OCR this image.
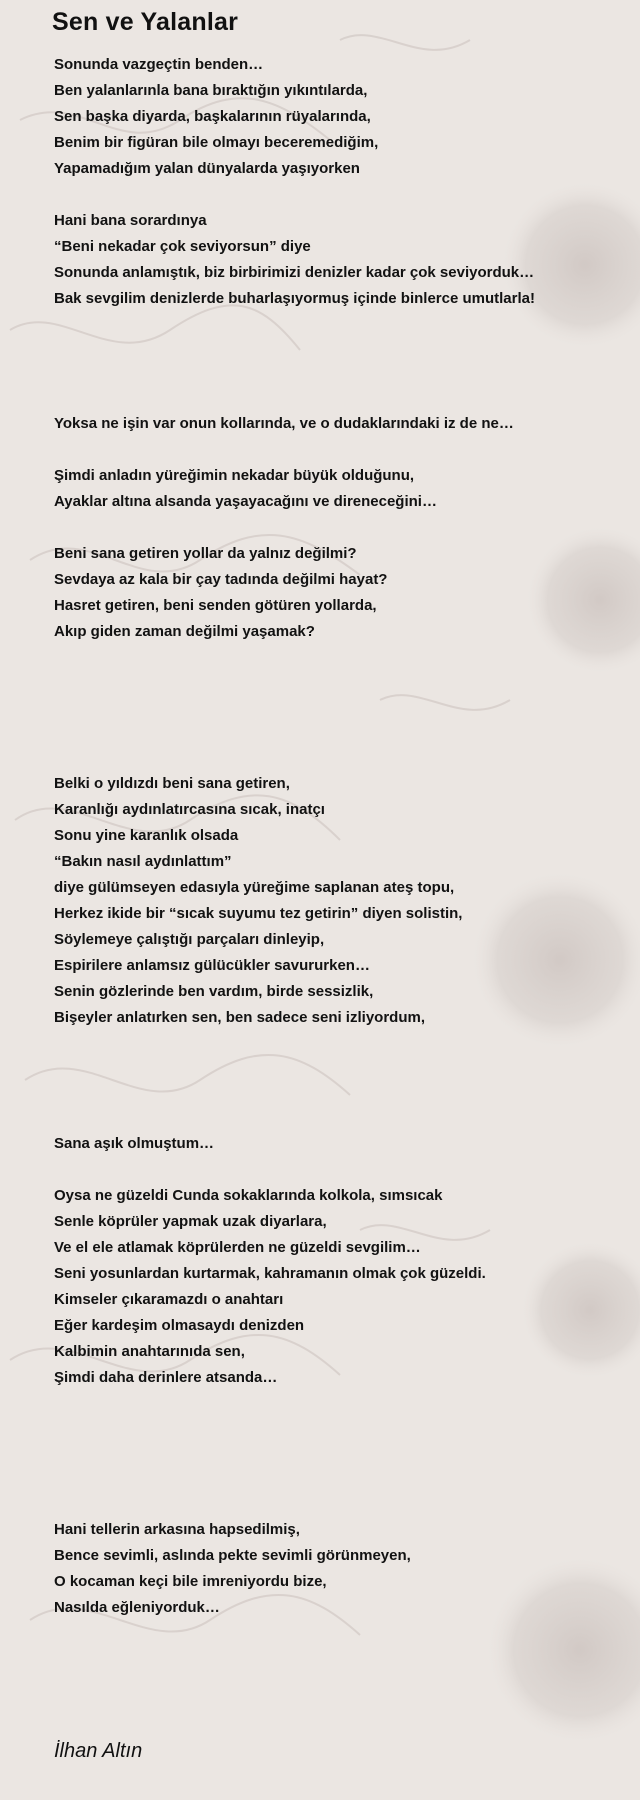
Sen ve Yalanlar
Sonunda vazgeçtin benden…
Ben yalanlarınla bana bıraktığın yıkıntılarda,
Sen başka diyarda, başkalarının rüyalarında,
Benim bir figüran bile olmayı beceremediğim,
Yapamadığım yalan dünyalarda yaşıyorken
Hani bana sorardınya
“Beni nekadar çok seviyorsun” diye
Sonunda anlamıştık, biz birbirimizi denizler kadar çok seviyorduk…
Bak sevgilim denizlerde buharlaşıyormuş içinde binlerce umutlarla!
Yoksa ne işin var onun kollarında, ve o dudaklarındaki iz de ne…
Şimdi anladın yüreğimin nekadar büyük olduğunu,
Ayaklar altına alsanda yaşayacağını ve direneceğini…
Beni sana getiren yollar da yalnız değilmi?
Sevdaya az kala bir çay tadında değilmi hayat?
Hasret getiren, beni senden götüren yollarda,
Akıp giden zaman değilmi yaşamak?
Belki o yıldızdı beni sana getiren,
Karanlığı aydınlatırcasına sıcak, inatçı
Sonu yine karanlık olsada
“Bakın nasıl aydınlattım”
diye gülümseyen edasıyla yüreğime saplanan ateş topu,
Herkez ikide bir “sıcak suyumu tez getirin” diyen solistin,
Söylemeye çalıştığı parçaları dinleyip,
Espirilere anlamsız gülücükler savururken…
Senin gözlerinde ben vardım, birde sessizlik,
Bişeyler anlatırken sen, ben sadece seni izliyordum,
Sana aşık olmuştum…
Oysa ne güzeldi Cunda sokaklarında kolkola, sımsıcak
Senle köprüler yapmak uzak diyarlara,
Ve el ele atlamak köprülerden ne güzeldi sevgilim…
Seni yosunlardan kurtarmak, kahramanın olmak çok güzeldi.
Kimseler çıkaramazdı o anahtarı
Eğer kardeşim olmasaydı denizden
Kalbimin anahtarınıda sen,
Şimdi daha derinlere atsanda…
Hani tellerin arkasına hapsedilmiş,
Bence sevimli, aslında pekte sevimli görünmeyen,
O kocaman keçi bile imreniyordu bize,
Nasılda eğleniyorduk…
İlhan Altın
